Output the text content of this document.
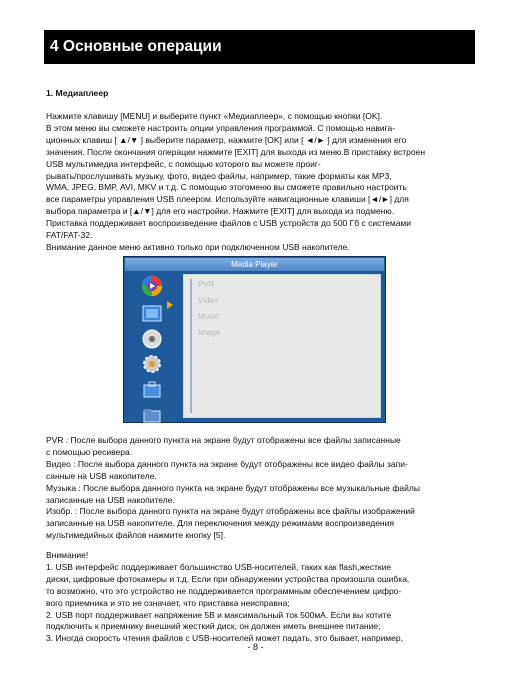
4 Основные операции
1. Медиаплеер

Нажмите клавишу [MENU] и выберите пункт «Медиаплеер», с помощью кнопки [OK].

В этом меню вы сможете настроить опции управления программой. С помощью навига-

ционных клавиш [ ▲/▼ ] выберите параметр, нажмите [OK] или [ ◄/► ] для изменения его

значения. После окончания операции нажмите [EXIT] для выхода из меню.В приставку встроен

USB мультимедиа интерфейс, с помощью которого вы можете проиг-

рывать/прослушивать музыку, фото, видео файлы, например, такие форматы как MP3,

WMA, JPEG, BMP, AVI, MKV и т.д. С помощью этогоменю вы сможете правильно настроить

все параметры управления USB плеером. Используйте навигационные клавиши [◄/►] для

выбора параметра и [▲/▼] для его настройки. Нажмите [EXIT] для выхода из подменю.

Приставка поддерживает воспроизведение файлов с USB устройств до 500 Гб с системами

FAT/FAT-32.

Внимание данное меню активно только при подключенном USB накопителе.

Media Player
PVR
Video
Music
Image

PVR : После выбора данного пункта на экране будут отображены все файлы записанные

с помощью ресивера.

Видео : После выбора данного пункта на экране будут отображены все видео файлы запи-

санные на USB накопителе.

Музыка : После выбора данного пункта на экране будут отображены все музыкальные файлы

записанные на USB накопителе.

Изобр. : После выбора данного пункта на экране будут отображены все файлы изображений

записанные на USB накопителе. Для переключения между режимами воспроизведения

мультимедийных файлов нажмите кнопку [5].

Внимание!

1. USB интерфейс поддерживает большинство USB-носителей, таких как flash,жесткие

диски, цифровые фотокамеры и т.д. Если при обнаружении устройства произошла ошибка,

то возможно, что это устройство не поддерживается программным обеспечением цифро-

вого приемника и это не означает, что приставка неисправна;

2. USB порт поддерживает напряжение 5В и максимальный ток 500мА. Если вы хотите

подключить к приемнику внешний жесткий диск, он должен иметь внешнее питание;

3. Иногда скорость чтения файлов с USB-носителей может падать, это бывает, например,

- 8 -
